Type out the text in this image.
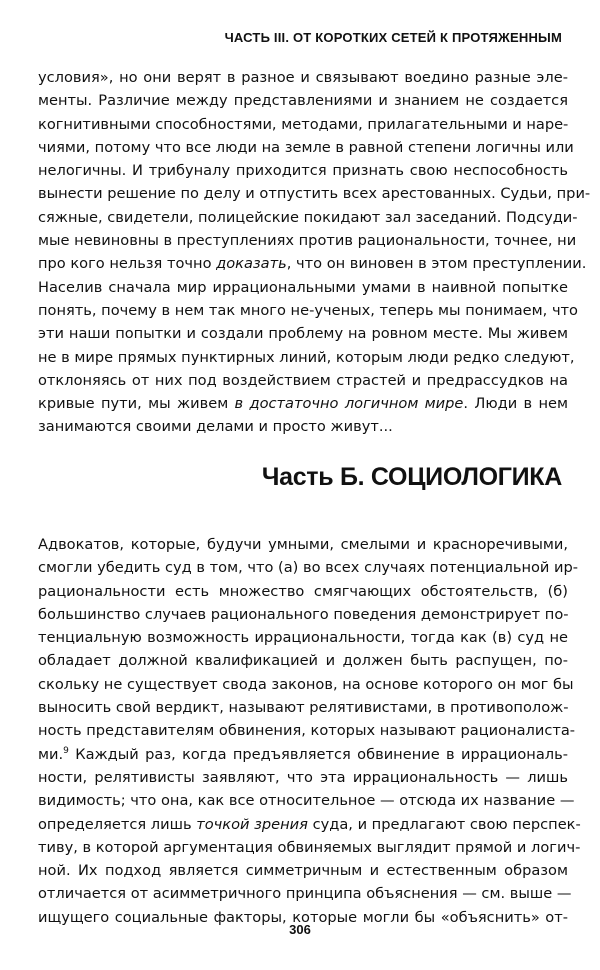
ЧАСТЬ III. ОТ КОРОТКИХ СЕТЕЙ К ПРОТЯЖЕННЫМ
условия», но они верят в разное и связывают воедино разные эле-
менты. Различие между представлениями и знанием не создается
когнитивными способностями, методами, прилагательными и наре-
чиями, потому что все люди на земле в равной степени логичны или
нелогичны. И трибуналу приходится признать свою неспособность
вынести решение по делу и отпустить всех арестованных. Судьи, при-
сяжные, свидетели, полицейские покидают зал заседаний. Подсуди-
мые невиновны в преступлениях против рациональности, точнее, ни
про кого нельзя точно доказать, что он виновен в этом преступлении.
Населив сначала мир иррациональными умами в наивной попытке
понять, почему в нем так много не-ученых, теперь мы понимаем, что
эти наши попытки и создали проблему на ровном месте. Мы живем
не в мире прямых пунктирных линий, которым люди редко следуют,
отклоняясь от них под воздействием страстей и предрассудков на
кривые пути, мы живем в достаточно логичном мире. Люди в нем
занимаются своими делами и просто живут...
Часть Б. СОЦИОЛОГИКА
Адвокатов, которые, будучи умными, смелыми и красноречивыми,
смогли убедить суд в том, что (а) во всех случаях потенциальной ир-
рациональности есть множество смягчающих обстоятельств, (б)
большинство случаев рационального поведения демонстрирует по-
тенциальную возможность иррациональности, тогда как (в) суд не
обладает должной квалификацией и должен быть распущен, по-
скольку не существует свода законов, на основе которого он мог бы
выносить свой вердикт, называют релятивистами, в противополож-
ность представителям обвинения, которых называют рационалиста-
ми.$^9$ Каждый раз, когда предъявляется обвинение в иррациональ-
ности, релятивисты заявляют, что эта иррациональность — лишь
видимость; что она, как все относительное — отсюда их название —
определяется лишь точкой зрения суда, и предлагают свою перспек-
тиву, в которой аргументация обвиняемых выглядит прямой и логич-
ной. Их подход является симметричным и естественным образом
отличается от асимметричного принципа объяснения — см. выше —
ищущего социальные факторы, которые могли бы «объяснить» от-
306
